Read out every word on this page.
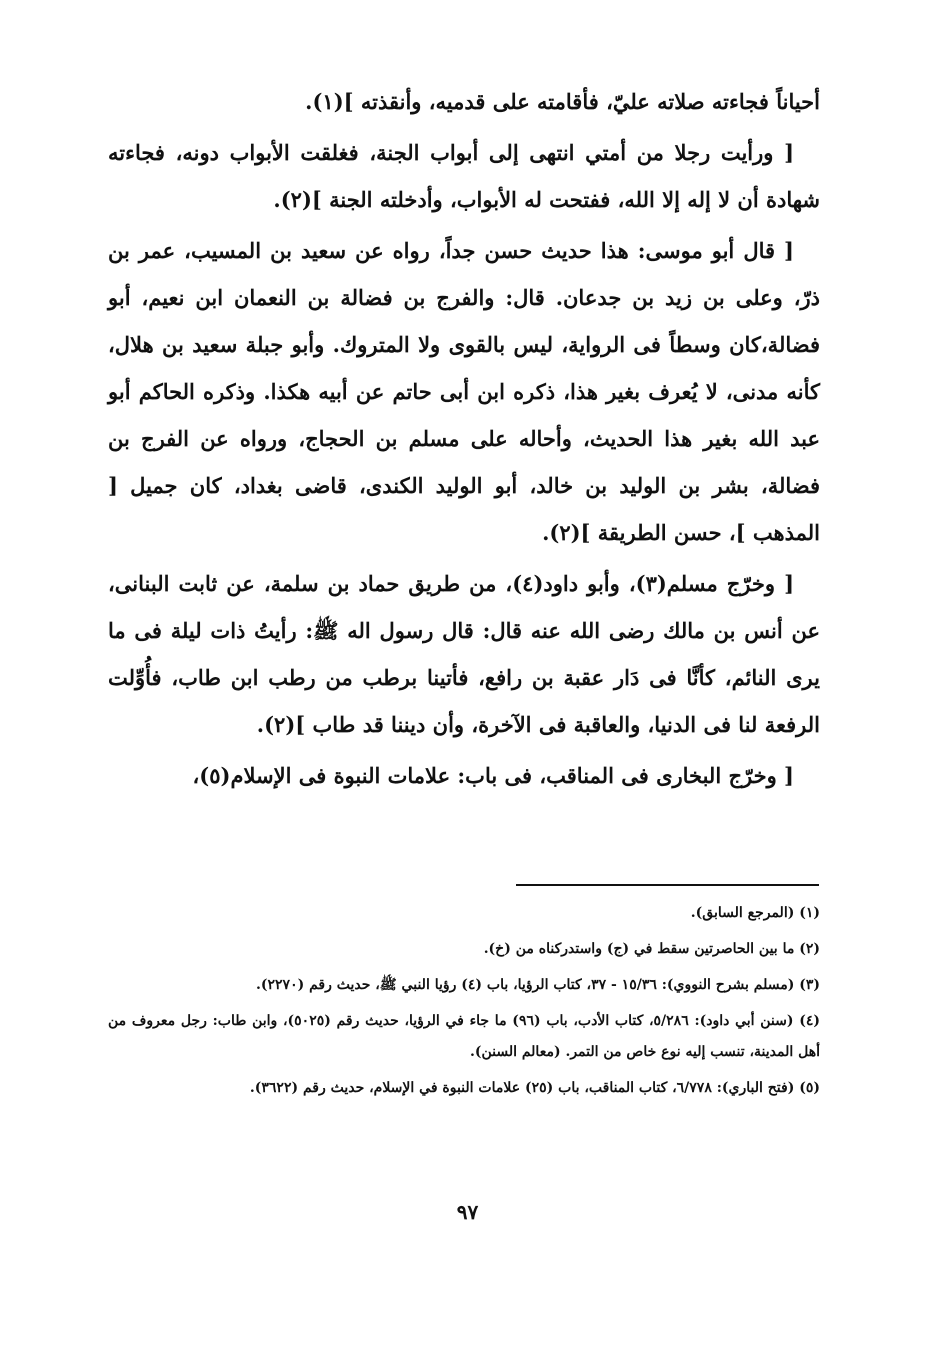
أحياناً فجاءته صلاته عليّ، فأقامته على قدميه، وأنقذته ](١).

[ ورأيت رجلا من أمتي انتهى إلى أبواب الجنة، فغلقت الأبواب دونه، فجاءته شهادة أن لا إله إلا الله، ففتحت له الأبواب، وأدخلته الجنة ](٢).

[ قال أبو موسى: هذا حديث حسن جداً، رواه عن سعيد بن المسيب، عمر بن ذرّ، وعلى بن زيد بن جدعان. قال: والفرج بن فضالة بن النعمان ابن نعيم، أبو فضالة،كان وسطاً فى الرواية، ليس بالقوى ولا المتروك. وأبو جبلة سعيد بن هلال، كأنه مدنى، لا يُعرف بغير هذا، ذكره ابن أبى حاتم عن أبيه هكذا. وذكره الحاكم أبو عبد الله بغير هذا الحديث، وأحاله على مسلم بن الحجاج، ورواه عن الفرج بن فضالة، بشر بن الوليد بن خالد، أبو الوليد الكندى، قاضى بغداد، كان جميل [ المذهب ]، حسن الطريقة ](٢).

[ وخرّج مسلم(٣)، وأبو داود(٤)، من طريق حماد بن سلمة، عن ثابت البنانى، عن أنس بن مالك رضى الله عنه قال: قال رسول اله ﷺ: رأيتُ ذات ليلة فى ما يرى النائم، كأنَّا فى دَار عقبة بن رافع، فأتينا برطب من رطب ابن طاب، فأُوِّلت الرفعة لنا فى الدنيا، والعاقبة فى الآخرة، وأن ديننا قد طاب ](٢).

[ وخرّج البخارى فى المناقب، فى باب: علامات النبوة فى الإسلام(٥)،

(١) (المرجع السابق).

(٢) ما بين الحاصرتين سقط في (ج) واستدركناه من (خ).

(٣) (مسلم بشرح النووي): ١٥/٣٦ - ٣٧، كتاب الرؤيا، باب (٤) رؤيا النبي ﷺ، حديث رقم (٢٢٧٠).

(٤) (سنن أبي داود): ٥/٢٨٦، كتاب الأدب، باب (٩٦) ما جاء في الرؤيا، حديث رقم (٥٠٢٥)، وابن طاب: رجل معروف من أهل المدينة، تنسب إليه نوع خاص من التمر. (معالم السنن).

(٥) (فتح الباري): ٦/٧٧٨، كتاب المناقب، باب (٢٥) علامات النبوة في الإسلام، حديث رقم (٣٦٢٢).

٩٧
